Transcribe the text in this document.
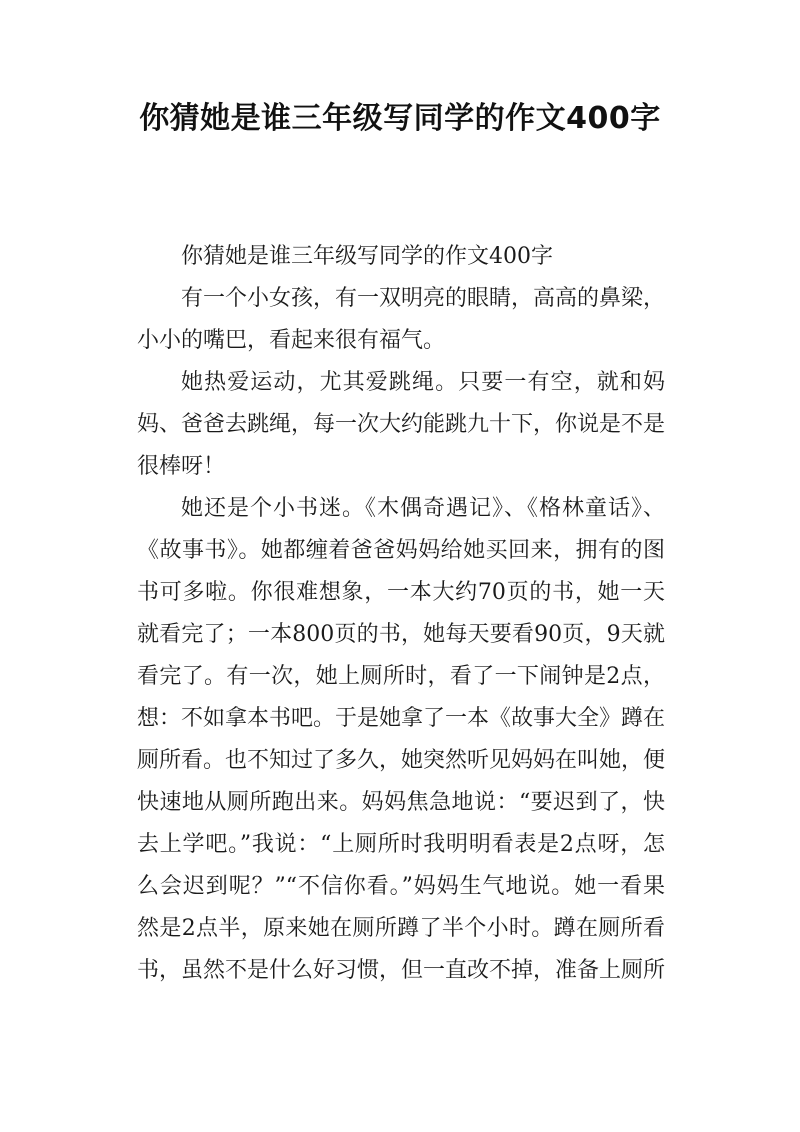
你猜她是谁三年级写同学的作文400字

你猜她是谁三年级写同学的作文400字

有一个小女孩，有一双明亮的眼睛，高高的鼻梁，小小的嘴巴，看起来很有福气。

她热爱运动，尤其爱跳绳。只要一有空，就和妈妈、爸爸去跳绳，每一次大约能跳九十下，你说是不是很棒呀！

她还是个小书迷。《木偶奇遇记》、《格林童话》、《故事书》。她都缠着爸爸妈妈给她买回来，拥有的图书可多啦。你很难想象，一本大约70页的书，她一天就看完了；一本800页的书，她每天要看90页，9天就看完了。有一次，她上厕所时，看了一下闹钟是2点，想：不如拿本书吧。于是她拿了一本《故事大全》蹲在厕所看。也不知过了多久，她突然听见妈妈在叫她，便快速地从厕所跑出来。妈妈焦急地说：“要迟到了，快去上学吧。”我说：“上厕所时我明明看表是2点呀，怎么会迟到呢？”“不信你看。”妈妈生气地说。她一看果然是2点半，原来她在厕所蹲了半个小时。蹲在厕所看书，虽然不是什么好习惯，但一直改不掉，准备上厕所
